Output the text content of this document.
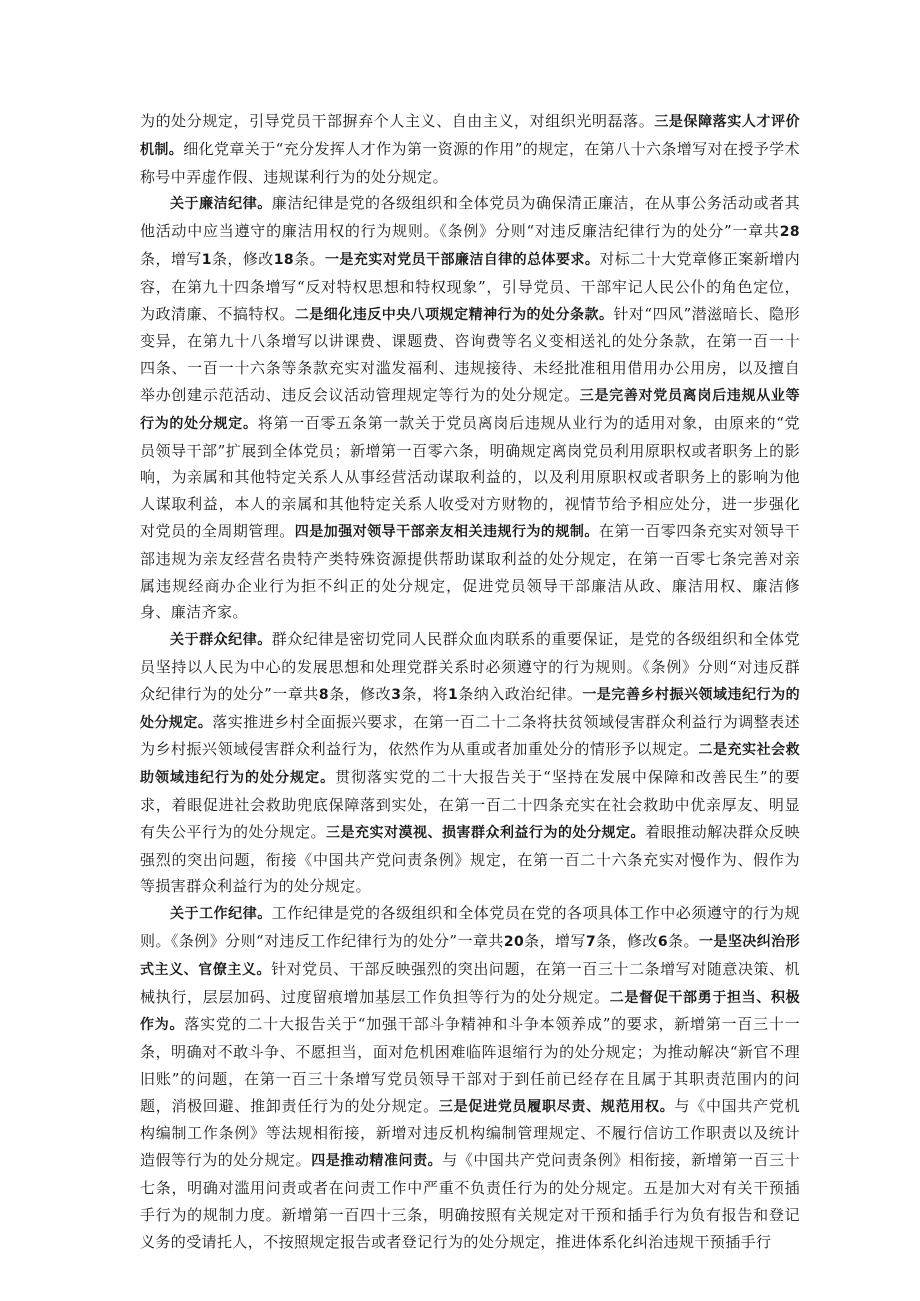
为的处分规定，引导党员干部摒弃个人主义、自由主义，对组织光明磊落。三是保障落实人才评价机制。细化党章关于“充分发挥人才作为第一资源的作用”的规定，在第八十六条增写对在授予学术称号中弄虚作假、违规谋利行为的处分规定。

关于廉洁纪律。廉洁纪律是党的各级组织和全体党员为确保清正廉洁，在从事公务活动或者其他活动中应当遵守的廉洁用权的行为规则。《条例》分则“对违反廉洁纪律行为的处分”一章共28条，增写1条，修改18条。一是充实对党员干部廉洁自律的总体要求。对标二十大党章修正案新增内容，在第九十四条增写“反对特权思想和特权现象”，引导党员、干部牢记人民公仆的角色定位，为政清廉、不搞特权。二是细化违反中央八项规定精神行为的处分条款。针对“四风”潜滋暗长、隐形变异，在第九十八条增写以讲课费、课题费、咨询费等名义变相送礼的处分条款，在第一百一十四条、一百一十六条等条款充实对滥发福利、违规接待、未经批准租用借用办公用房，以及擅自举办创建示范活动、违反会议活动管理规定等行为的处分规定。三是完善对党员离岗后违规从业等行为的处分规定。将第一百零五条第一款关于党员离岗后违规从业行为的适用对象，由原来的“党员领导干部”扩展到全体党员；新增第一百零六条，明确规定离岗党员利用原职权或者职务上的影响，为亲属和其他特定关系人从事经营活动谋取利益的，以及利用原职权或者职务上的影响为他人谋取利益，本人的亲属和其他特定关系人收受对方财物的，视情节给予相应处分，进一步强化对党员的全周期管理。四是加强对领导干部亲友相关违规行为的规制。在第一百零四条充实对领导干部违规为亲友经营名贵特产类特殊资源提供帮助谋取利益的处分规定，在第一百零七条完善对亲属违规经商办企业行为拒不纠正的处分规定，促进党员领导干部廉洁从政、廉洁用权、廉洁修身、廉洁齐家。

关于群众纪律。群众纪律是密切党同人民群众血肉联系的重要保证，是党的各级组织和全体党员坚持以人民为中心的发展思想和处理党群关系时必须遵守的行为规则。《条例》分则“对违反群众纪律行为的处分”一章共8条，修改3条，将1条纳入政治纪律。一是完善乡村振兴领域违纪行为的处分规定。落实推进乡村全面振兴要求，在第一百二十二条将扶贫领域侵害群众利益行为调整表述为乡村振兴领域侵害群众利益行为，依然作为从重或者加重处分的情形予以规定。二是充实社会救助领域违纪行为的处分规定。贯彻落实党的二十大报告关于“坚持在发展中保障和改善民生”的要求，着眼促进社会救助兜底保障落到实处，在第一百二十四条充实在社会救助中优亲厚友、明显有失公平行为的处分规定。三是充实对漠视、损害群众利益行为的处分规定。着眼推动解决群众反映强烈的突出问题，衔接《中国共产党问责条例》规定，在第一百二十六条充实对慢作为、假作为等损害群众利益行为的处分规定。

关于工作纪律。工作纪律是党的各级组织和全体党员在党的各项具体工作中必须遵守的行为规则。《条例》分则“对违反工作纪律行为的处分”一章共20条，增写7条，修改6条。一是坚决纠治形式主义、官僚主义。针对党员、干部反映强烈的突出问题，在第一百三十二条增写对随意决策、机械执行，层层加码、过度留痕增加基层工作负担等行为的处分规定。二是督促干部勇于担当、积极作为。落实党的二十大报告关于“加强干部斗争精神和斗争本领养成”的要求，新增第一百三十一条，明确对不敢斗争、不愿担当，面对危机困难临阵退缩行为的处分规定；为推动解决“新官不理旧账”的问题，在第一百三十条增写党员领导干部对于到任前已经存在且属于其职责范围内的问题，消极回避、推卸责任行为的处分规定。三是促进党员履职尽责、规范用权。与《中国共产党机构编制工作条例》等法规相衔接，新增对违反机构编制管理规定、不履行信访工作职责以及统计造假等行为的处分规定。四是推动精准问责。与《中国共产党问责条例》相衔接，新增第一百三十七条，明确对滥用问责或者在问责工作中严重不负责任行为的处分规定。五是加大对有关干预插手行为的规制力度。新增第一百四十三条，明确按照有关规定对干预和插手行为负有报告和登记义务的受请托人，不按照规定报告或者登记行为的处分规定，推进体系化纠治违规干预插手行
